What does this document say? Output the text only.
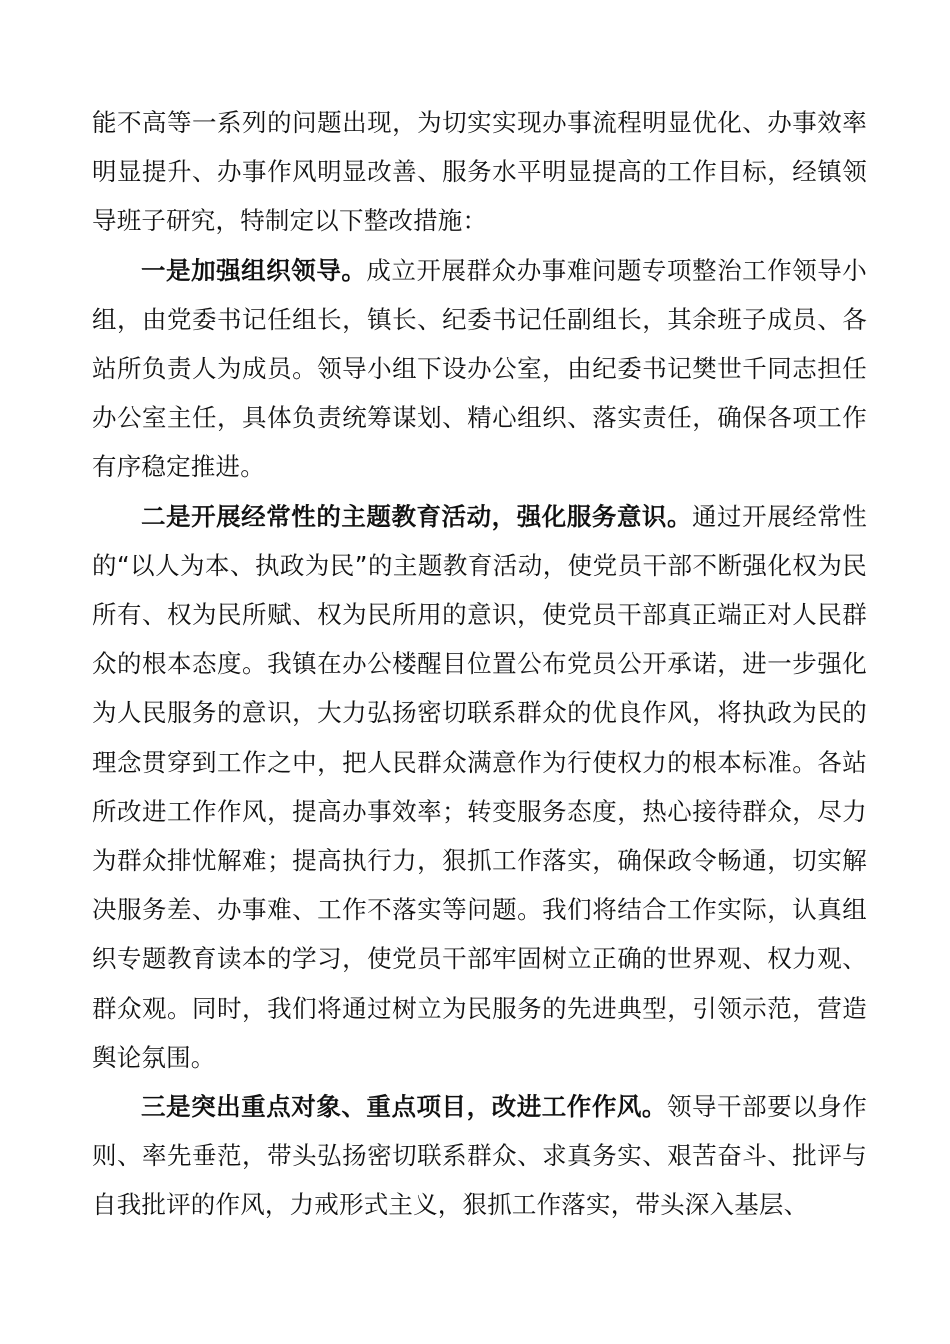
能不高等一系列的问题出现，为切实实现办事流程明显优化、办事效率明显提升、办事作风明显改善、服务水平明显提高的工作目标，经镇领导班子研究，特制定以下整改措施：

一是加强组织领导。成立开展群众办事难问题专项整治工作领导小组，由党委书记任组长，镇长、纪委书记任副组长，其余班子成员、各站所负责人为成员。领导小组下设办公室，由纪委书记樊世千同志担任办公室主任，具体负责统筹谋划、精心组织、落实责任，确保各项工作有序稳定推进。

二是开展经常性的主题教育活动，强化服务意识。通过开展经常性的“以人为本、执政为民”的主题教育活动，使党员干部不断强化权为民所有、权为民所赋、权为民所用的意识，使党员干部真正端正对人民群众的根本态度。我镇在办公楼醒目位置公布党员公开承诺，进一步强化为人民服务的意识，大力弘扬密切联系群众的优良作风，将执政为民的理念贯穿到工作之中，把人民群众满意作为行使权力的根本标准。各站所改进工作作风，提高办事效率；转变服务态度，热心接待群众，尽力为群众排忧解难；提高执行力，狠抓工作落实，确保政令畅通，切实解决服务差、办事难、工作不落实等问题。我们将结合工作实际，认真组织专题教育读本的学习，使党员干部牢固树立正确的世界观、权力观、群众观。同时，我们将通过树立为民服务的先进典型，引领示范，营造舆论氛围。

三是突出重点对象、重点项目，改进工作作风。领导干部要以身作则、率先垂范，带头弘扬密切联系群众、求真务实、艰苦奋斗、批评与自我批评的作风，力戒形式主义，狠抓工作落实，带头深入基层、
